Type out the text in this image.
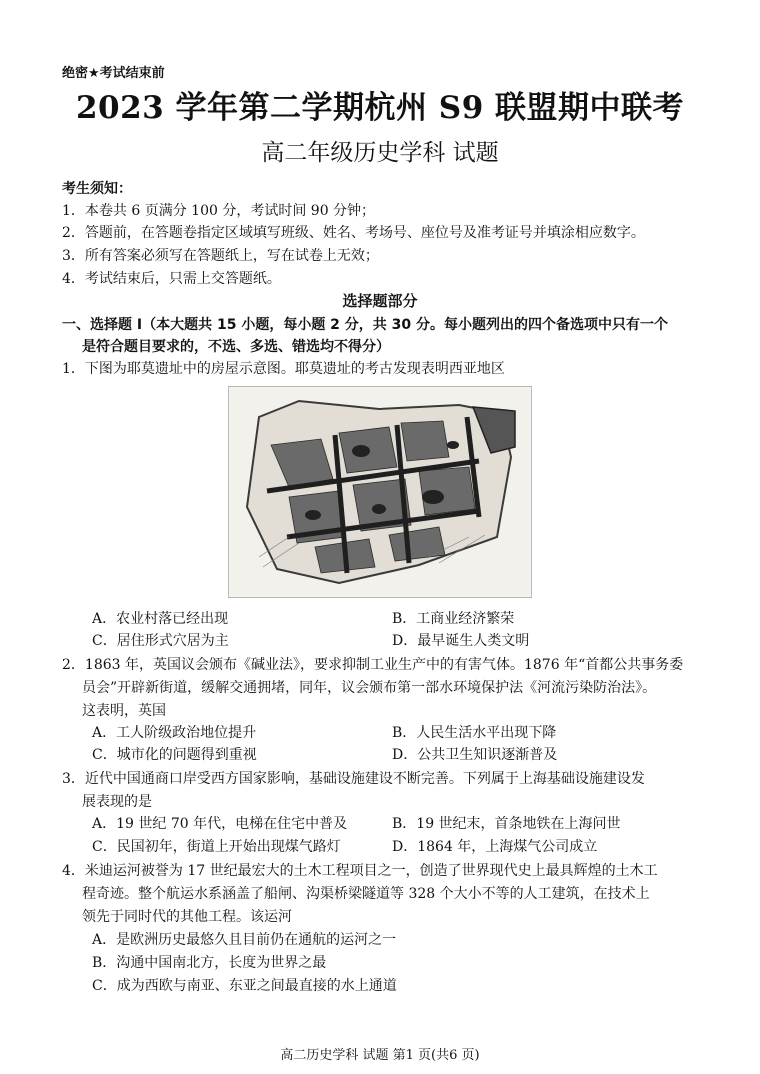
绝密★考试结束前
2023 学年第二学期杭州 S9 联盟期中联考
高二年级历史学科 试题
考生须知：
1．本卷共 6 页满分 100 分，考试时间 90 分钟；
2．答题前，在答题卷指定区域填写班级、姓名、考场号、座位号及准考证号并填涂相应数字。
3．所有答案必须写在答题纸上，写在试卷上无效；
4．考试结束后，只需上交答题纸。
选择题部分
一、选择题 I（本大题共 15 小题，每小题 2 分，共 30 分。每小题列出的四个备选项中只有一个
是符合题目要求的，不选、多选、错选均不得分）
1．下图为耶莫遗址中的房屋示意图。耶莫遗址的考古发现表明西亚地区
A．农业村落已经出现	B．工商业经济繁荣
C．居住形式穴居为主	D．最早诞生人类文明
2．1863 年，英国议会颁布《碱业法》，要求抑制工业生产中的有害气体。1876 年“首都公共事务委
员会”开辟新街道，缓解交通拥堵，同年，议会颁布第一部水环境保护法《河流污染防治法》。
这表明，英国
A．工人阶级政治地位提升	B．人民生活水平出现下降
C．城市化的问题得到重视	D．公共卫生知识逐渐普及
3．近代中国通商口岸受西方国家影响，基础设施建设不断完善。下列属于上海基础设施建设发
展表现的是
A．19 世纪 70 年代，电梯在住宅中普及	B．19 世纪末，首条地铁在上海问世
C．民国初年，街道上开始出现煤气路灯	D．1864 年，上海煤气公司成立
4．米迪运河被誉为 17 世纪最宏大的土木工程项目之一，创造了世界现代史上最具辉煌的土木工
程奇迹。整个航运水系涵盖了船闸、沟渠桥梁隧道等 328 个大小不等的人工建筑，在技术上
领先于同时代的其他工程。该运河
A．是欧洲历史最悠久且目前仍在通航的运河之一
B．沟通中国南北方，长度为世界之最
C．成为西欧与南亚、东亚之间最直接的水上通道
高二历史学科 试题 第1 页(共6 页)
